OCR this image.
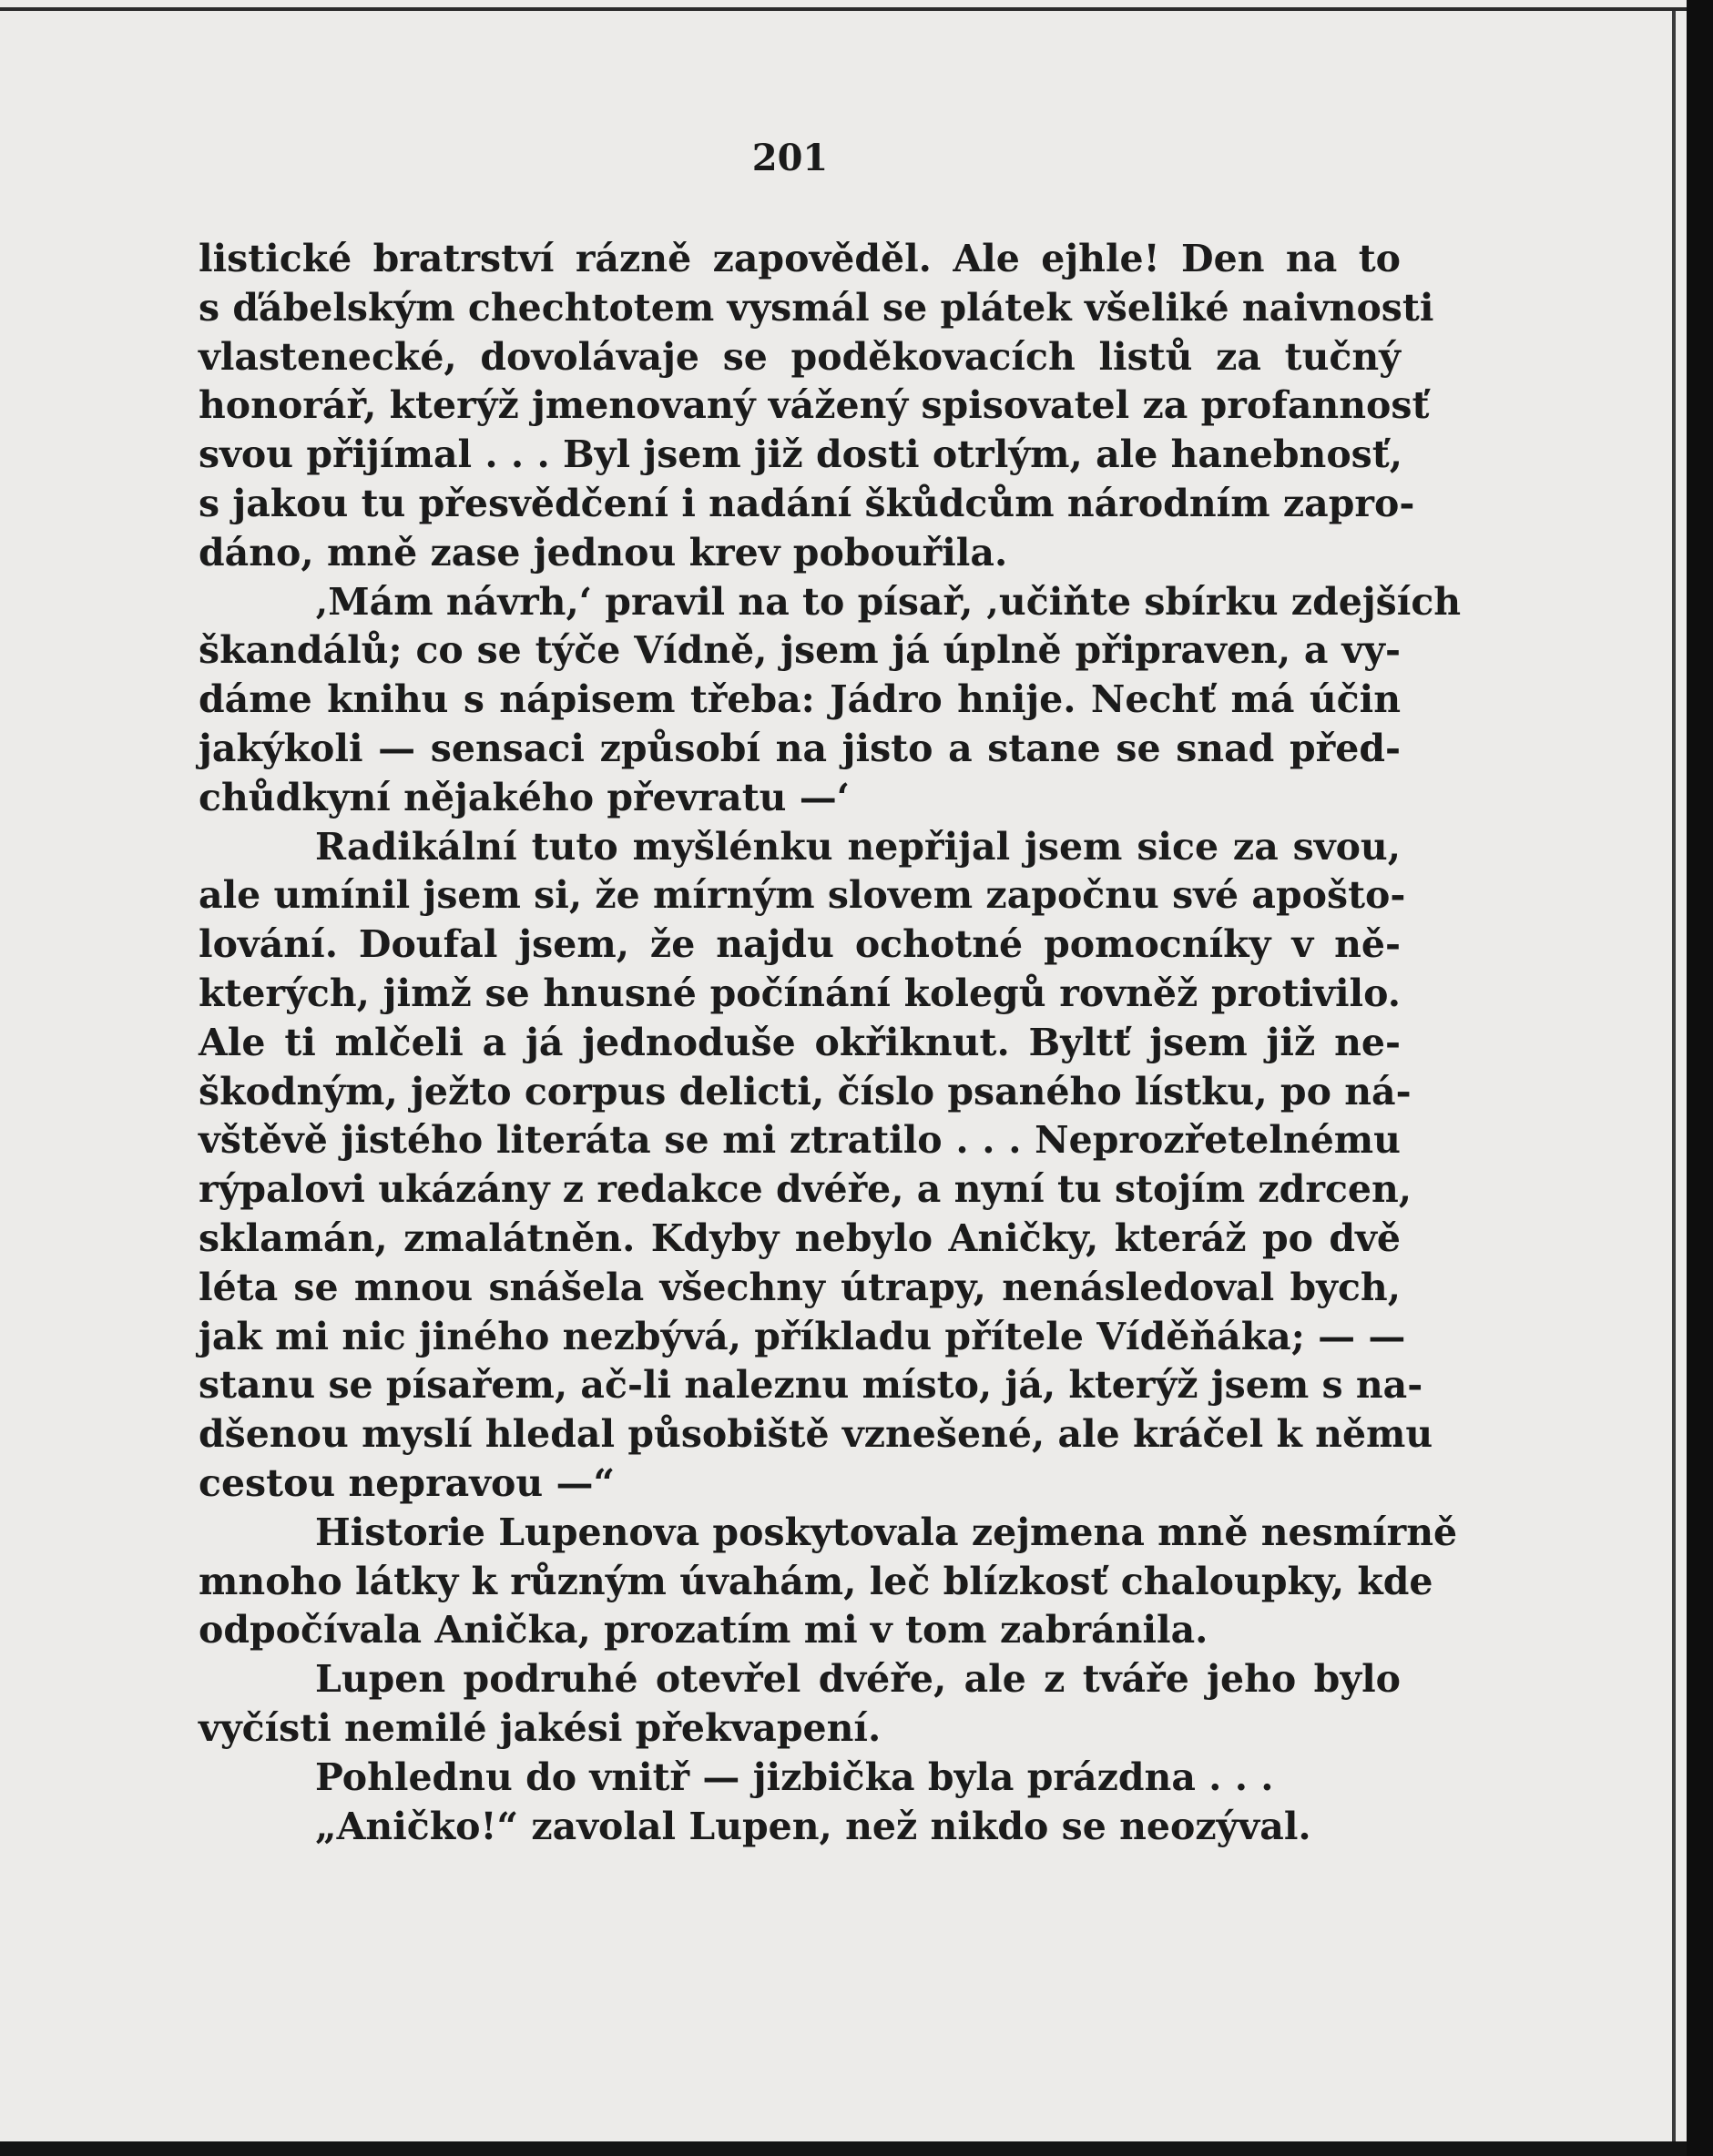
201
listické bratrství rázně zapověděl. Ale ejhle! Den na to
s ďábelským chechtotem vysmál se plátek všeliké naivnosti
vlastenecké, dovolávaje se poděkovacích listů za tučný
honorář, kterýž jmenovaný vážený spisovatel za profannosť
svou přijímal . . . Byl jsem již dosti otrlým, ale hanebnosť,
s jakou tu přesvědčení i nadání škůdcům národním zapro-
dáno, mně zase jednou krev pobouřila.
‚Mám návrh,‘ pravil na to písař, ‚učiňte sbírku zdejších
škandálů; co se týče Vídně, jsem já úplně připraven, a vy-
dáme knihu s nápisem třeba: Jádro hnije. Nechť má účin
jakýkoli — sensaci způsobí na jisto a stane se snad před-
chůdkyní nějakého převratu —‘
Radikální tuto myšlénku nepřijal jsem sice za svou,
ale umínil jsem si, že mírným slovem započnu své apošto-
lování. Doufal jsem, že najdu ochotné pomocníky v ně-
kterých, jimž se hnusné počínání kolegů rovněž protivilo.
Ale ti mlčeli a já jednoduše okřiknut. Byltť jsem již ne-
škodným, ježto corpus delicti, číslo psaného lístku, po ná-
vštěvě jistého literáta se mi ztratilo . . . Neprozřetelnému
rýpalovi ukázány z redakce dvéře, a nyní tu stojím zdrcen,
sklamán, zmalátněn. Kdyby nebylo Aničky, kteráž po dvě
léta se mnou snášela všechny útrapy, nenásledoval bych,
jak mi nic jiného nezbývá, příkladu přítele Víděňáka; — —
stanu se písařem, ač-li naleznu místo, já, kterýž jsem s na-
dšenou myslí hledal působiště vznešené, ale kráčel k němu
cestou nepravou —“
Historie Lupenova poskytovala zejmena mně nesmírně
mnoho látky k různým úvahám, leč blízkosť chaloupky, kde
odpočívala Anička, prozatím mi v tom zabránila.
Lupen podruhé otevřel dvéře, ale z tváře jeho bylo
vyčísti nemilé jakési překvapení.
Pohlednu do vnitř — jizbička byla prázdna . . .
„Aničko!“ zavolal Lupen, než nikdo se neozýval.
